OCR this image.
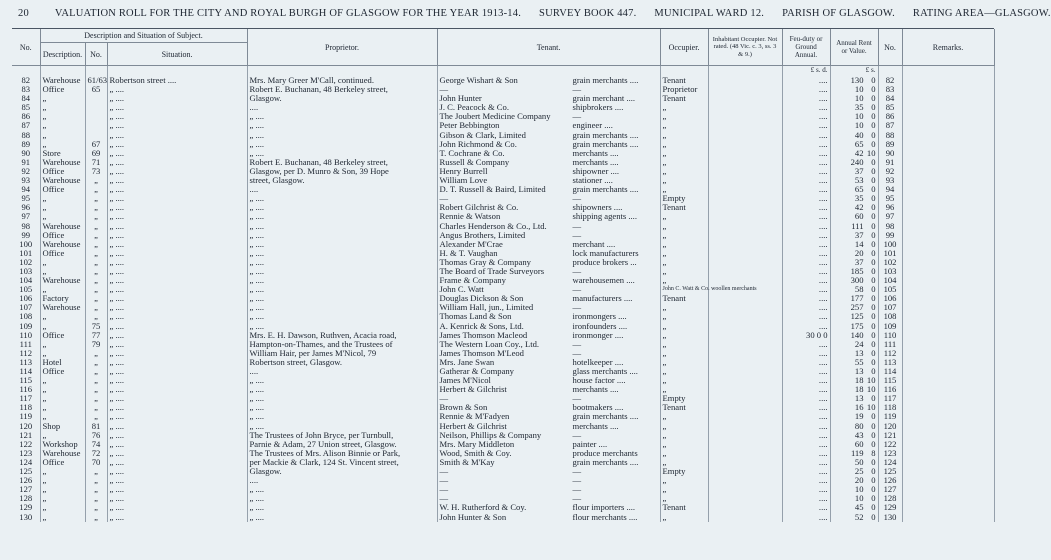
20 VALUATION ROLL FOR THE CITY AND ROYAL BURGH OF GLASGOW FOR THE YEAR 1913-14. SURVEY BOOK 447. MUNICIPAL WARD 12. PARISH OF GLASGOW. RATING AREA—GLASGOW.
No.	Description and Situation of Subject.			Proprietor.	Tenant.	Occupier.	Inhabitant Occupier. Not rated. (48 Vic. c. 3, ss. 3 & 9.)	Feu-duty or Ground Annual.	Annual Rent or Value.	No.	Remarks.
	Description.	No.	Situation.								
								£ s. d.	£ s.		
82	Warehouse	61/63	Robertson street ....	Mrs. Mary Greer M'Call, continued.	George Wishart & Son grain merchants ....	Tenant		....	130 0	82	
83	Office	65	„ ....	Robert E. Buchanan, 48 Berkeley street,	— —	Proprietor		....	10 0	83	
84	„		„ ....	Glasgow.	John Hunter grain merchant ....	Tenant		....	10 0	84	
85	„		„ ....	....	J. C. Peacock & Co. shipbrokers ....	„		....	35 0	85	
86	„		„ ....	„ ....	The Joubert Medicine Company —	„		....	10 0	86	
87	„		„ ....	„ ....	Peter Bebbington engineer ....	„		....	10 0	87	
88	„		„ ....	„ ....	Gibson & Clark, Limited grain merchants ....	„		....	40 0	88	
89	„	67	„ ....	„ ....	John Richmond & Co. grain merchants ....	„		....	65 0	89	
90	Store	69	„ ....	„ ....	T. Cochrane & Co. merchants ....	„		....	42 10	90	
91	Warehouse	71	„ ....	Robert E. Buchanan, 48 Berkeley street,	Russell & Company merchants ....	„		....	240 0	91	
92	Office	73	„ ....	Glasgow, per D. Munro & Son, 39 Hope	Henry Burrell shipowner ....	„		....	37 0	92	
93	Warehouse	„	„ ....	street, Glasgow.	William Love stationer ....	„		....	53 0	93	
94	Office	„	„ ....	....	D. T. Russell & Baird, Limited grain merchants ....	„		....	65 0	94	
95	„	„	„ ....	„ ....	— —	Empty		....	35 0	95	
96	„	„	„ ....	„ ....	Robert Gilchrist & Co. shipowners ....	Tenant		....	42 0	96	
97	„	„	„ ....	„ ....	Rennie & Watson shipping agents ....	„		....	60 0	97	
98	Warehouse	„	„ ....	„ ....	Charles Henderson & Co., Ltd. —	„		....	111 0	98	
99	Office	„	„ ....	„ ....	Angus Brothers, Limited —	„		....	37 0	99	
100	Warehouse	„	„ ....	„ ....	Alexander M'Crae merchant ....	„		....	14 0	100	
101	Office	„	„ ....	„ ....	H. & T. Vaughan lock manufacturers	„		....	20 0	101	
102	„	„	„ ....	„ ....	Thomas Gray & Company produce brokers ...	„		....	37 0	102	
103	„	„	„ ....	„ ....	The Board of Trade Surveyors —	„		....	185 0	103	
104	Warehouse	„	„ ....	„ ....	Frame & Company warehousemen ....	„		....	300 0	104	
105	„	„	„ ....	„ ....	John C. Watt —	John C. Watt & Co. woollen merchants		....	58 0	105	
106	Factory	„	„ ....	„ ....	Douglas Dickson & Son manufacturers ....	Tenant		....	177 0	106	
107	Warehouse	„	„ ....	„ ....	William Hall, jun., Limited —	„		....	257 0	107	
108	„	„	„ ....	„ ....	Thomas Land & Son ironmongers ....	„		....	125 0	108	
109	„	75	„ ....	„ ....	A. Kenrick & Sons, Ltd. ironfounders ....	„		....	175 0	109	
110	Office	77	„ ....	Mrs. E. H. Dawson, Ruthven, Acacia road,	James Thomson Macleod ironmonger ....	„		30 0 0	140 0	110	
111	„	79	„ ....	Hampton-on-Thames, and the Trustees of	The Western Loan Coy., Ltd. —	„		....	24 0	111	
112	„	„	„ ....	William Hair, per James M'Nicol, 79	James Thomson M'Leod —	„		....	13 0	112	
113	Hotel	„	„ ....	Robertson street, Glasgow.	Mrs. Jane Swan hotelkeeper ....	„		....	55 0	113	
114	Office	„	„ ....	....	Gatherar & Company glass merchants ....	„		....	13 0	114	
115	„	„	„ ....	„ ....	James M'Nicol house factor ....	„		....	18 10	115	
116	„	„	„ ....	„ ....	Herbert & Gilchrist merchants ....	„		....	18 10	116	
117	„	„	„ ....	„ ....	— —	Empty		....	13 0	117	
118	„	„	„ ....	„ ....	Brown & Son bootmakers ....	Tenant		....	16 10	118	
119	„	„	„ ....	„ ....	Rennie & M'Fadyen grain merchants ....	„		....	19 0	119	
120	Shop	81	„ ....	„ ....	Herbert & Gilchrist merchants ....	„		....	80 0	120	
121	„	76	„ ....	The Trustees of John Bryce, per Turnbull,	Neilson, Phillips & Company —	„		....	43 0	121	
122	Workshop	74	„ ....	Parnie & Adam, 27 Union street, Glasgow.	Mrs. Mary Middleton painter ....	„		....	60 0	122	
123	Warehouse	72	„ ....	The Trustees of Mrs. Alison Binnie or Park,	Wood, Smith & Coy. produce merchants	„		....	119 8	123	
124	Office	70	„ ....	per Mackie & Clark, 124 St. Vincent street,	Smith & M'Kay grain merchants ....	„		....	50 0	124	
125	„	„	„ ....	Glasgow.	— —	Empty		....	25 0	125	
126	„	„	„ ....	....	— —	„		....	20 0	126	
127	„	„	„ ....	„ ....	— —	„		....	10 0	127	
128	„	„	„ ....	„ ....	— —	„		....	10 0	128	
129	„	„	„ ....	„ ....	W. H. Rutherford & Coy. flour importers ....	Tenant		....	45 0	129	
130	„	„	„ ....	„ ....	John Hunter & Son flour merchants ....	„		....	52 0	130	
